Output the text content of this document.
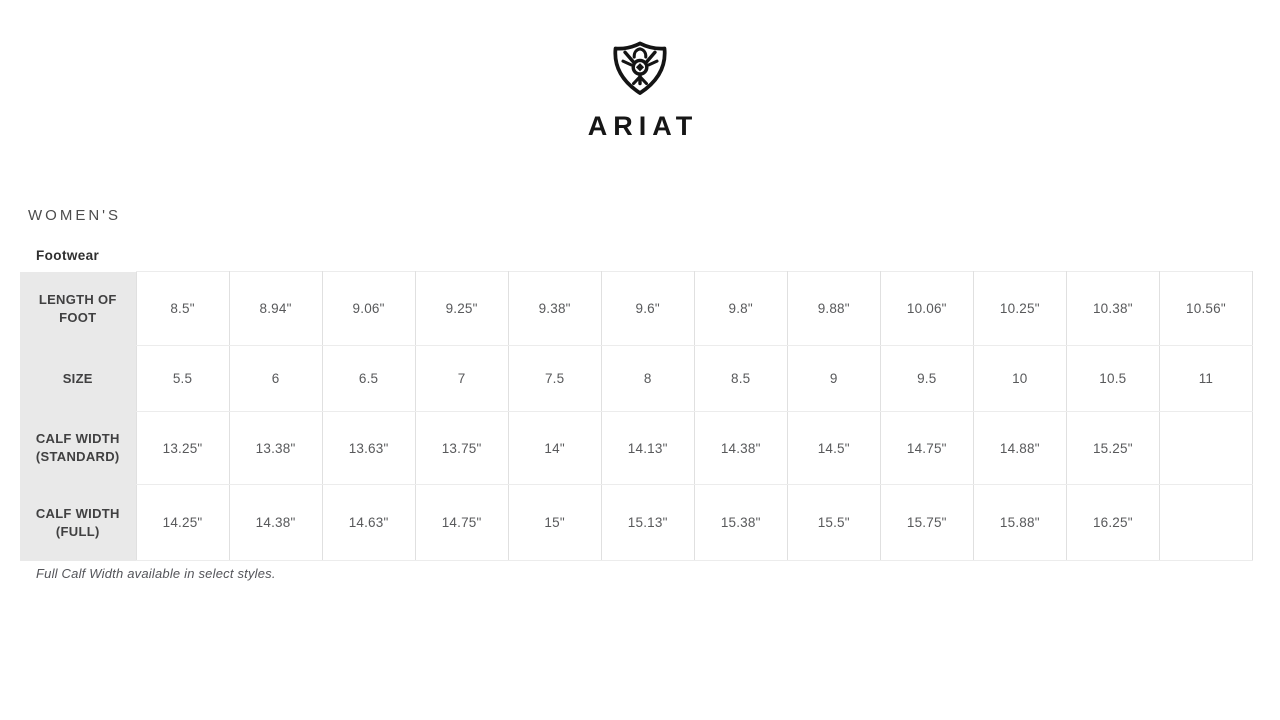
ARIAT
WOMEN'S
Footwear
LENGTH OF FOOT	8.5"	8.94"	9.06"	9.25"	9.38"	9.6"	9.8"	9.88"	10.06"	10.25"	10.38"	10.56"
SIZE	5.5	6	6.5	7	7.5	8	8.5	9	9.5	10	10.5	11
CALF WIDTH (STANDARD)	13.25"	13.38"	13.63"	13.75"	14"	14.13"	14.38"	14.5"	14.75"	14.88"	15.25"	
CALF WIDTH (FULL)	14.25"	14.38"	14.63"	14.75"	15"	15.13"	15.38"	15.5"	15.75"	15.88"	16.25"	

Full Calf Width available in select styles.
